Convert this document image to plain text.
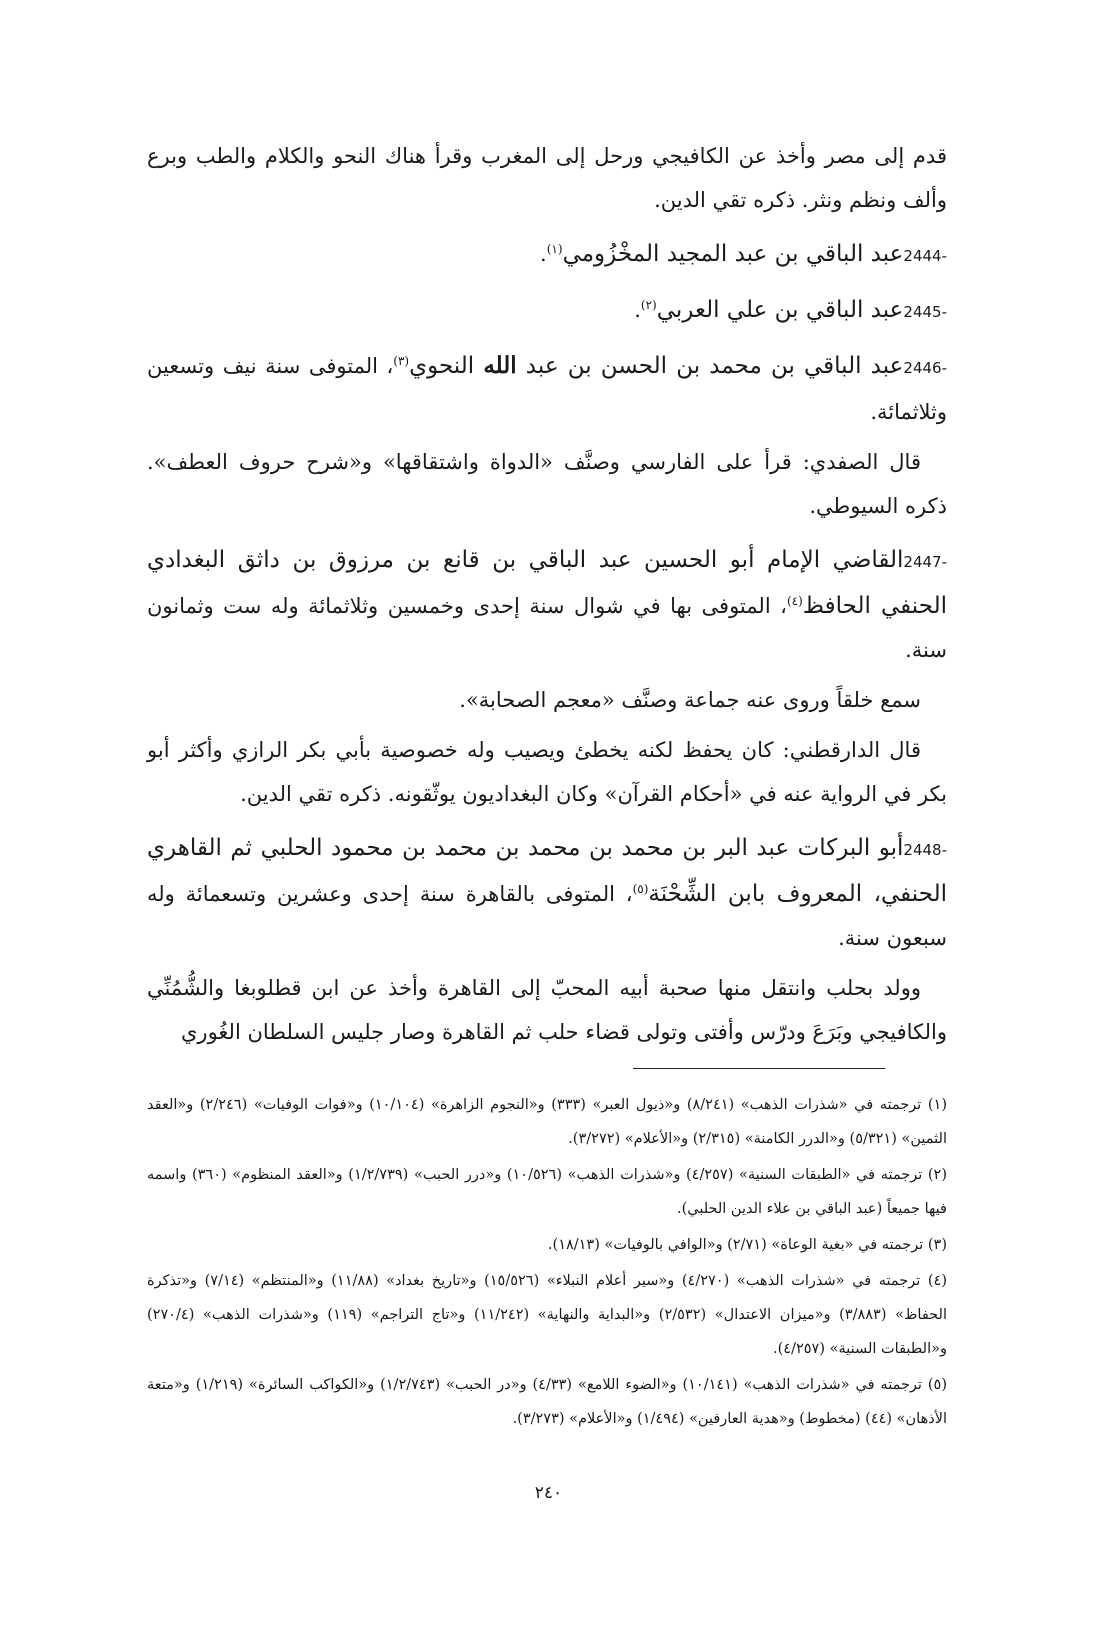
قدم إلى مصر وأخذ عن الكافيجي ورحل إلى المغرب وقرأ هناك النحو والكلام والطب وبرع وألف ونظم ونثر. ذكره تقي الدين.

2444-عبد الباقي بن عبد المجيد المخْزُومي$^{(١)}$.

2445-عبد الباقي بن علي العربي$^{(٢)}$.

2446-عبد الباقي بن محمد بن الحسن بن عبد الله النحوي$^{(٣)}$، المتوفى سنة نيف وتسعين وثلاثمائة.

قال الصفدي: قرأ على الفارسي وصنَّف «الدواة واشتقاقها» و«شرح حروف العطف». ذكره السيوطي.

2447-القاضي الإمام أبو الحسين عبد الباقي بن قانع بن مرزوق بن داثق البغدادي الحنفي الحافظ$^{(٤)}$، المتوفى بها في شوال سنة إحدى وخمسين وثلاثمائة وله ست وثمانون سنة.

سمع خلقاً وروى عنه جماعة وصنَّف «معجم الصحابة».

قال الدارقطني: كان يحفظ لكنه يخطئ ويصيب وله خصوصية بأبي بكر الرازي وأكثر أبو بكر في الرواية عنه في «أحكام القرآن» وكان البغداديون يوثّقونه. ذكره تقي الدين.

2448-أبو البركات عبد البر بن محمد بن محمد بن محمد بن محمود الحلبي ثم القاهري الحنفي، المعروف بابن الشِّحْنَة$^{(٥)}$، المتوفى بالقاهرة سنة إحدى وعشرين وتسعمائة وله سبعون سنة.

وولد بحلب وانتقل منها صحبة أبيه المحبّ إلى القاهرة وأخذ عن ابن قطلوبغا والشُّمُنِّي والكافيجي وبَرَعَ ودرّس وأفتى وتولى قضاء حلب ثم القاهرة وصار جليس السلطان الغُوري

(١) ترجمته في «شذرات الذهب» (٨/٢٤١) و«ذيول العبر» (٣٣٣) و«النجوم الزاهرة» (١٠/١٠٤) و«فوات الوفيات» (٢/٢٤٦) و«العقد الثمين» (٥/٣٢١) و«الدرر الكامنة» (٢/٣١٥) و«الأعلام» (٣/٢٧٢).

(٢) ترجمته في «الطبقات السنية» (٤/٢٥٧) و«شذرات الذهب» (١٠/٥٢٦) و«درر الحبب» (١/٢/٧٣٩) و«العقد المنظوم» (٣٦٠) واسمه فيها جميعاً (عبد الباقي بن علاء الدين الحلبي).

(٣) ترجمته في «بغية الوعاة» (٢/٧١) و«الوافي بالوفيات» (١٨/١٣).

(٤) ترجمته في «شذرات الذهب» (٤/٢٧٠) و«سير أعلام النبلاء» (١٥/٥٢٦) و«تاريخ بغداد» (١١/٨٨) و«المنتظم» (٧/١٤) و«تذكرة الحفاظ» (٣/٨٨٣) و«ميزان الاعتدال» (٢/٥٣٢) و«البداية والنهاية» (١١/٢٤٢) و«تاج التراجم» (١١٩) و«شذرات الذهب» (٢٧٠/٤) و«الطبقات السنية» (٤/٢٥٧).

(٥) ترجمته في «شذرات الذهب» (١٠/١٤١) و«الضوء اللامع» (٤/٣٣) و«در الحبب» (١/٢/٧٤٣) و«الكواكب السائرة» (١/٢١٩) و«متعة الأذهان» (٤٤) (مخطوط) و«هدية العارفين» (١/٤٩٤) و«الأعلام» (٣/٢٧٣).

٢٤٠
